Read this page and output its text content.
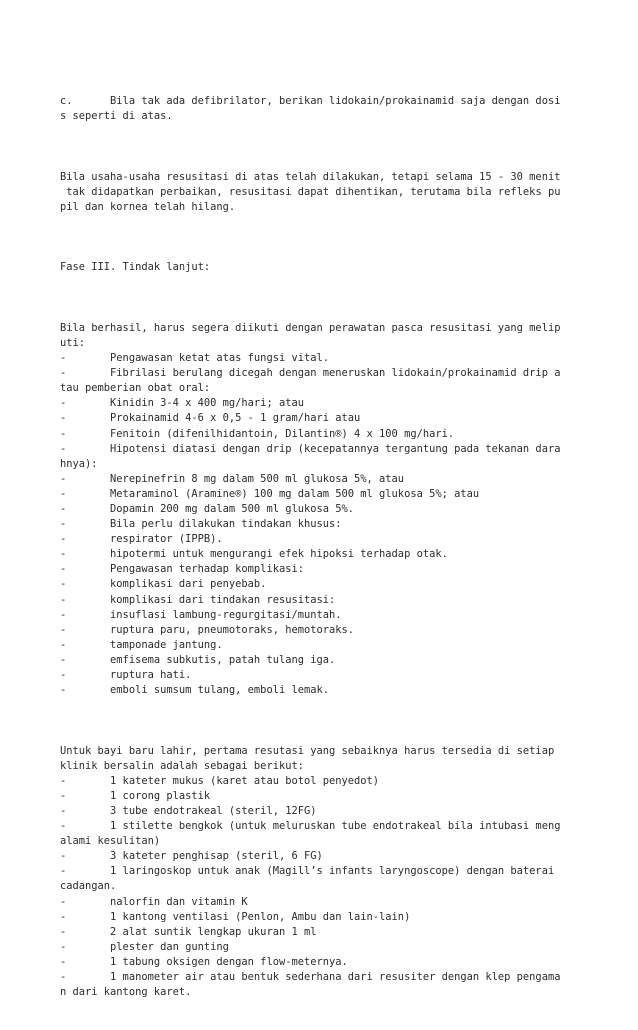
c.      Bila tak ada defibrilator, berikan lidokain/prokainamid saja dengan dosi
s seperti di atas.

Bila usaha-usaha resusitasi di atas telah dilakukan, tetapi selama 15 - 30 menit
tak didapatkan perbaikan, resusitasi dapat dihentikan, terutama bila refleks pu
pil dan kornea telah hilang.

Fase III. Tindak lanjut:

Bila berhasil, harus segera diikuti dengan perawatan pasca resusitasi yang melip
uti:
-       Pengawasan ketat atas fungsi vital.
-       Fibrilasi berulang dicegah dengan meneruskan lidokain/prokainamid drip a
tau pemberian obat oral:
-       Kinidin 3-4 x 400 mg/hari; atau
-       Prokainamid 4-6 x 0,5 - 1 gram/hari atau
-       Fenitoin (difenilhidantoin, Dilantin®) 4 x 100 mg/hari.
-       Hipotensi diatasi dengan drip (kecepatannya tergantung pada tekanan dara
hnya):
-       Nerepinefrin 8 mg dalam 500 ml glukosa 5%, atau
-       Metaraminol (Aramine®) 100 mg dalam 500 ml glukosa 5%; atau
-       Dopamin 200 mg dalam 500 ml glukosa 5%.
-       Bila perlu dilakukan tindakan khusus:
-       respirator (IPPB).
-       hipotermi untuk mengurangi efek hipoksi terhadap otak.
-       Pengawasan terhadap komplikasi:
-       komplikasi dari penyebab.
-       komplikasi dari tindakan resusitasi:
-       insuflasi lambung-regurgitasi/muntah.
-       ruptura paru, pneumotoraks, hemotoraks.
-       tamponade jantung.
-       emfisema subkutis, patah tulang iga.
-       ruptura hati.
-       emboli sumsum tulang, emboli lemak.

Untuk bayi baru lahir, pertama resutasi yang sebaiknya harus tersedia di setiap
klinik bersalin adalah sebagai berikut:
-       1 kateter mukus (karet atau botol penyedot)
-       1 corong plastik
-       3 tube endotrakeal (steril, 12FG)
-       1 stilette bengkok (untuk meluruskan tube endotrakeal bila intubasi meng
alami kesulitan)
-       3 kateter penghisap (steril, 6 FG)
-       1 laringoskop untuk anak (Magill’s infants laryngoscope) dengan baterai
cadangan.
-       nalorfin dan vitamin K
-       1 kantong ventilasi (Penlon, Ambu dan lain-lain)
-       2 alat suntik lengkap ukuran 1 ml
-       plester dan gunting
-       1 tabung oksigen dengan flow-meternya.
-       1 manometer air atau bentuk sederhana dari resusiter dengan klep pengama
n dari kantong karet.
